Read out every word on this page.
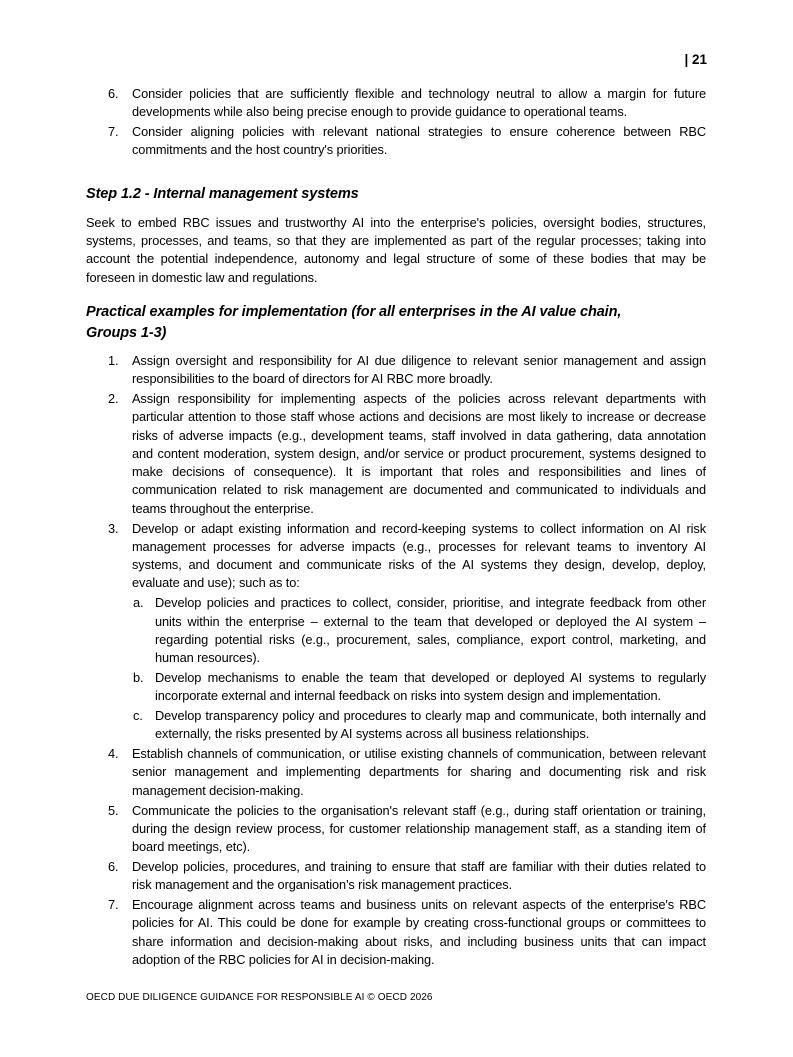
| 21
6. Consider policies that are sufficiently flexible and technology neutral to allow a margin for future developments while also being precise enough to provide guidance to operational teams.
7. Consider aligning policies with relevant national strategies to ensure coherence between RBC commitments and the host country's priorities.
Step 1.2 - Internal management systems

Seek to embed RBC issues and trustworthy AI into the enterprise's policies, oversight bodies, structures, systems, processes, and teams, so that they are implemented as part of the regular processes; taking into account the potential independence, autonomy and legal structure of some of these bodies that may be foreseen in domestic law and regulations.

Practical examples for implementation (for all enterprises in the AI value chain,
Groups 1-3)
1. Assign oversight and responsibility for AI due diligence to relevant senior management and assign responsibilities to the board of directors for AI RBC more broadly.
2. Assign responsibility for implementing aspects of the policies across relevant departments with particular attention to those staff whose actions and decisions are most likely to increase or decrease risks of adverse impacts (e.g., development teams, staff involved in data gathering, data annotation and content moderation, system design, and/or service or product procurement, systems designed to make decisions of consequence). It is important that roles and responsibilities and lines of communication related to risk management are documented and communicated to individuals and teams throughout the enterprise.
3. Develop or adapt existing information and record-keeping systems to collect information on AI risk management processes for adverse impacts (e.g., processes for relevant teams to inventory AI systems, and document and communicate risks of the AI systems they design, develop, deploy, evaluate and use); such as to:
a. Develop policies and practices to collect, consider, prioritise, and integrate feedback from other units within the enterprise – external to the team that developed or deployed the AI system – regarding potential risks (e.g., procurement, sales, compliance, export control, marketing, and human resources).
b. Develop mechanisms to enable the team that developed or deployed AI systems to regularly incorporate external and internal feedback on risks into system design and implementation.
c. Develop transparency policy and procedures to clearly map and communicate, both internally and externally, the risks presented by AI systems across all business relationships.
4. Establish channels of communication, or utilise existing channels of communication, between relevant senior management and implementing departments for sharing and documenting risk and risk management decision-making.
5. Communicate the policies to the organisation's relevant staff (e.g., during staff orientation or training, during the design review process, for customer relationship management staff, as a standing item of board meetings, etc).
6. Develop policies, procedures, and training to ensure that staff are familiar with their duties related to risk management and the organisation's risk management practices.
7. Encourage alignment across teams and business units on relevant aspects of the enterprise's RBC policies for AI. This could be done for example by creating cross-functional groups or committees to share information and decision-making about risks, and including business units that can impact adoption of the RBC policies for AI in decision-making.
OECD DUE DILIGENCE GUIDANCE FOR RESPONSIBLE AI © OECD 2026
